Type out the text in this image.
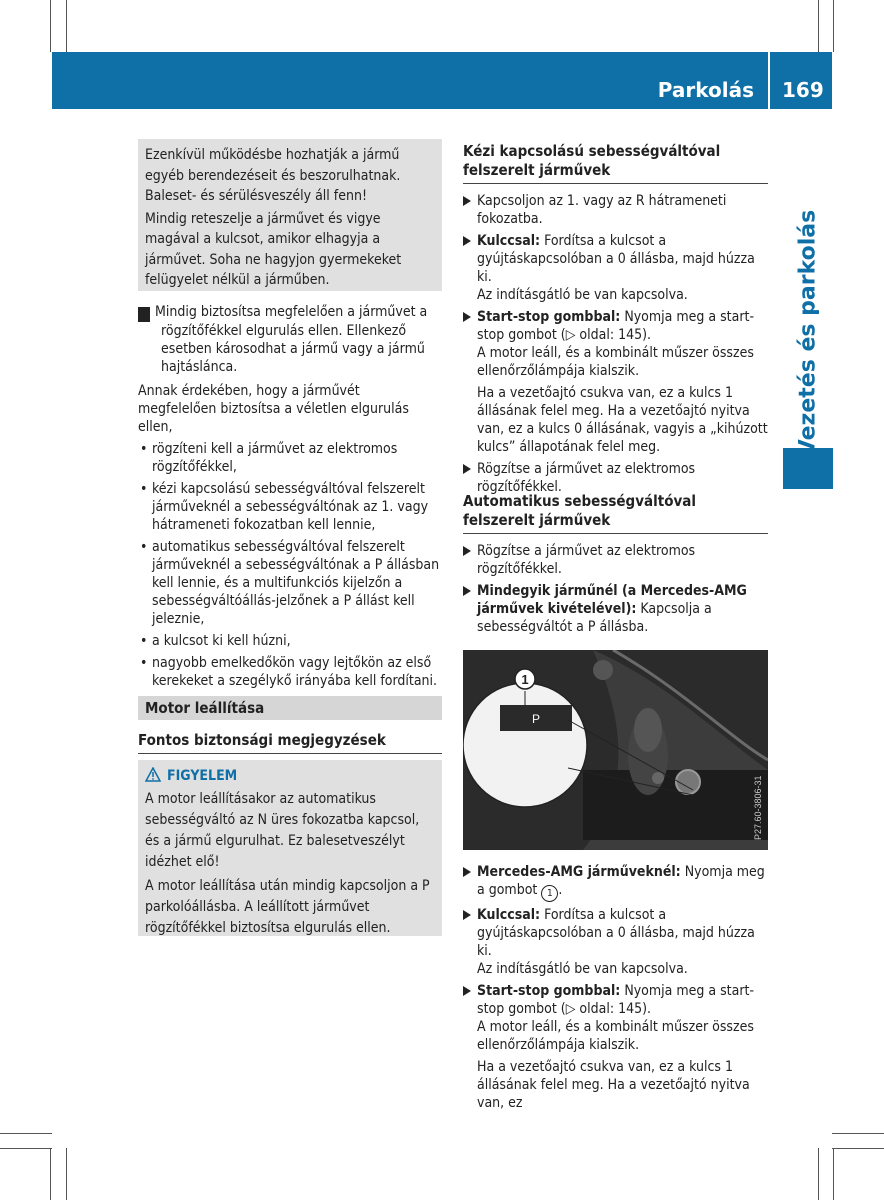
Parkolás 169
Vezetés és parkolás

Ezenkívül működésbe hozhatják a jármű egyéb berendezéseit és beszorulhatnak. Baleset- és sérülésveszély áll fenn!

Mindig reteszelje a járművet és vigye magával a kulcsot, amikor elhagyja a járművet. Soha ne hagyjon gyermekeket felügyelet nélkül a járműben.

! Mindig biztosítsa megfelelően a járművet a rögzítőfékkel elgurulás ellen. Ellenkező esetben károsodhat a jármű vagy a jármű hajtáslánca.

Annak érdekében, hogy a járművét megfelelően biztosítsa a véletlen elgurulás ellen,

• rögzíteni kell a járművet az elektromos rögzítőfékkel,
• kézi kapcsolású sebességváltóval felszerelt járműveknél a sebességváltónak az 1. vagy hátrameneti fokozatban kell lennie,
• automatikus sebességváltóval felszerelt járműveknél a sebességváltónak a P állásban kell lennie, és a multifunkciós kijelzőn a sebességváltóállás-jelzőnek a P állást kell jeleznie,
• a kulcsot ki kell húzni,
• nagyobb emelkedőkön vagy lejtőkön az első kerekeket a szegélykő irányába kell fordítani.
Motor leállítása
Fontos biztonsági megjegyzések
FIGYELEM

A motor leállításakor az automatikus sebességváltó az N üres fokozatba kapcsol, és a jármű elgurulhat. Ez balesetveszélyt idézhet elő!

A motor leállítása után mindig kapcsoljon a P parkolóállásba. A leállított járművet rögzítőfékkel biztosítsa elgurulás ellen.

Kézi kapcsolású sebességváltóval felszerelt járművek
Kapcsoljon az 1. vagy az R hátrameneti fokozatba.
Kulccsal: Fordítsa a kulcsot a gyújtáskapcsolóban a 0 állásba, majd húzza ki.
Az indításgátló be van kapcsolva.
Start-stop gombbal: Nyomja meg a start-stop gombot (▷ oldal: 145).
A motor leáll, és a kombinált műszer összes ellenőrzőlámpája kialszik.

Ha a vezetőajtó csukva van, ez a kulcs 1 állásának felel meg. Ha a vezetőajtó nyitva van, ez a kulcs 0 állásának, vagyis a „kihúzott kulcs” állapotának felel meg.

Rögzítse a járművet az elektromos rögzítőfékkel.
Automatikus sebességváltóval felszerelt járművek
Rögzítse a járművet az elektromos rögzítőfékkel.
Mindegyik járműnél (a Mercedes-AMG járművek kivételével): Kapcsolja a sebességváltót a P állásba.
1
P
P27.60-3806-31
Mercedes-AMG járműveknél: Nyomja meg a gombot 1 .
Kulccsal: Fordítsa a kulcsot a gyújtáskapcsolóban a 0 állásba, majd húzza ki.
Az indításgátló be van kapcsolva.
Start-stop gombbal: Nyomja meg a start-stop gombot (▷ oldal: 145).
A motor leáll, és a kombinált műszer összes ellenőrzőlámpája kialszik.

Ha a vezetőajtó csukva van, ez a kulcs 1 állásának felel meg. Ha a vezetőajtó nyitva van, ez
